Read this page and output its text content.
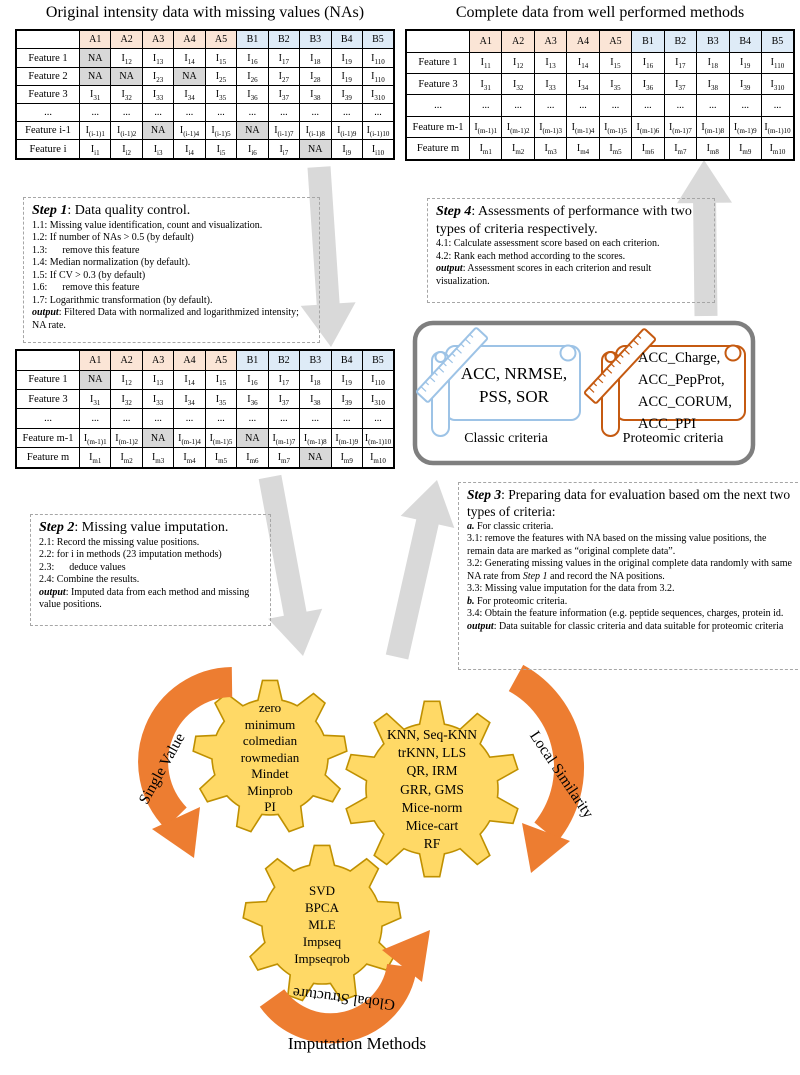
Original intensity data with missing values (NAs)	Complete data from well performed methods
	A1	A2	A3	A4	A5	B1	B2	B3	B4	B5
Feature 1	NA	$I_{12}$	$I_{13}$	$I_{14}$	$I_{15}$	$I_{16}$	$I_{17}$	$I_{18}$	$I_{19}$	$I_{110}$
Feature 2	NA	NA	$I_{23}$	NA	$I_{25}$	$I_{26}$	$I_{27}$	$I_{28}$	$I_{19}$	$I_{110}$
Feature 3	$I_{31}$	$I_{32}$	$I_{33}$	$I_{34}$	$I_{35}$	$I_{36}$	$I_{37}$	$I_{38}$	$I_{39}$	$I_{310}$
...	...	...	...	...	...	...	...	...	...	...
Feature i-1	$I_{(i-1)1}$	$I_{(i-1)2}$	NA	$I_{(i-1)4}$	$I_{(i-1)5}$	NA	$I_{(i-1)7}$	$I_{(i-1)8}$	$I_{(i-1)9}$	$I_{(i-1)10}$
Feature i	$I_{i1}$	$I_{i2}$	$I_{i3}$	$I_{i4}$	$I_{i5}$	$I_{i6}$	$I_{i7}$	NA	$I_{i9}$	$I_{i10}$
	A1	A2	A3	A4	A5	B1	B2	B3	B4	B5
Feature 1	$I_{11}$	$I_{12}$	$I_{13}$	$I_{14}$	$I_{15}$	$I_{16}$	$I_{17}$	$I_{18}$	$I_{19}$	$I_{110}$
Feature 3	$I_{31}$	$I_{32}$	$I_{33}$	$I_{34}$	$I_{35}$	$I_{36}$	$I_{37}$	$I_{38}$	$I_{39}$	$I_{310}$
...	...	...	...	...	...	...	...	...	...	...
Feature m-1	$I_{(m-1)1}$	$I_{(m-1)2}$	$I_{(m-1)3}$	$I_{(m-1)4}$	$I_{(m-1)5}$	$I_{(m-1)6}$	$I_{(m-1)7}$	$I_{(m-1)8}$	$I_{(m-1)9}$	$I_{(m-1)10}$
Feature m	$I_{m1}$	$I_{m2}$	$I_{m3}$	$I_{m4}$	$I_{m5}$	$I_{m6}$	$I_{m7}$	$I_{m8}$	$I_{m9}$	$I_{m10}$
	A1	A2	A3	A4	A5	B1	B2	B3	B4	B5
Feature 1	NA	$I_{12}$	$I_{13}$	$I_{14}$	$I_{15}$	$I_{16}$	$I_{17}$	$I_{18}$	$I_{19}$	$I_{110}$
Feature 3	$I_{31}$	$I_{32}$	$I_{33}$	$I_{34}$	$I_{35}$	$I_{36}$	$I_{37}$	$I_{38}$	$I_{39}$	$I_{310}$
...	...	...	...	...	...	...	...	...	...	...
Feature m-1	$I_{(m-1)1}$	$I_{(m-1)2}$	NA	$I_{(m-1)4}$	$I_{(m-1)5}$	NA	$I_{(m-1)7}$	$I_{(m-1)8}$	$I_{(m-1)9}$	$I_{(m-1)10}$
Feature m	$I_{m1}$	$I_{m2}$	$I_{m3}$	$I_{m4}$	$I_{m5}$	$I_{m6}$	$I_{m7}$	NA	$I_{m9}$	$I_{m10}$
Step 1: Data quality control.
1.1: Missing value identification, count and visualization.
1.2: If number of NAs > 0.5 (by default)
1.3:      remove this feature
1.4: Median normalization (by default).
1.5: If CV > 0.3 (by default)
1.6:      remove this feature
1.7: Logarithmic transformation (by default).
output: Filtered Data with normalized and logarithmized intensity; NA rate.
Step 2: Missing value imputation.
2.1: Record the missing value positions.
2.2: for i in methods (23 imputation methods)
2.3:      deduce values
2.4: Combine the results.
output: Imputed data from each method and missing value positions.
Step 3: Preparing data for evaluation based om the next two types of criteria:
a. For classic criteria.
3.1: remove the features with NA based on the missing value positions, the remain data are marked as “original complete data”.
3.2: Generating missing values in the original complete data randomly with same NA rate from Step 1 and record the NA positions.
3.3: Missing value imputation for the data from 3.2.
b. For proteomic criteria.
3.4: Obtain the feature information (e.g. peptide sequences, charges, protein id.
output: Data suitable for classic criteria and data suitable for proteomic criteria
Step 4: Assessments of performance with two types of criteria respectively.
4.1: Calculate assessment score based on each criterion.
4.2: Rank each method according to the scores.
output: Assessment scores in each criterion and result visualization.
ACC, NRMSE,
PSS, SOR
ACC_Charge,
ACC_PepProt,
ACC_CORUM,
ACC_PPI
Classic criteria	Proteomic criteria
zero
minimum
colmedian
rowmedian
Mindet
Minprob
PI
KNN, Seq-KNN
trKNN, LLS
QR, IRM
GRR, GMS
Mice-norm
Mice-cart
RF
SVD
BPCA
MLE
Impseq
Impseqrob
Single Value	Local Similarity
Global Structure
Imputation Methods
